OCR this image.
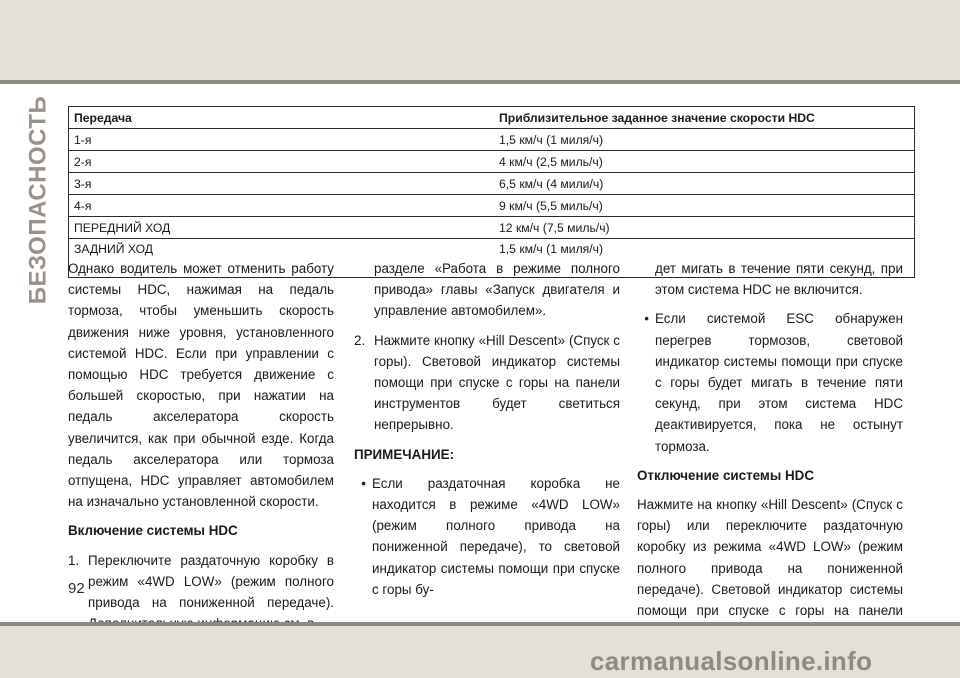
БЕЗОПАСНОСТЬ Передача	Приблизительное заданное значение скорости HDC
1-я	1,5 км/ч (1 миля/ч)
2-я	4 км/ч (2,5 миль/ч)
3-я	6,5 км/ч (4 мили/ч)
4-я	9 км/ч (5,5 миль/ч)
ПЕРЕДНИЙ ХОД	12 км/ч (7,5 миль/ч)
ЗАДНИЙ ХОД	1,5 км/ч (1 миля/ч)

Однако водитель может отменить работу системы HDC, нажимая на педаль тормоза, чтобы уменьшить скорость движения ниже уровня, установленного системой HDC. Если при управлении с помощью HDC требуется движение с большей скоростью, при нажатии на педаль акселератора скорость увеличится, как при обычной езде. Когда педаль акселератора или тормоза отпущена, HDC управляет автомобилем на изначально установленной скорости.

Включение системы HDC

1. Переключите раздаточную коробку в режим «4WD LOW» (режим полного привода на пониженной передаче).

разделе «Работа в режиме полного привода» главы «Запуск двигателя и управление автомобилем».

2. Нажмите кнопку «Hill Descent» (Спуск с горы). Световой индикатор системы помощи при спуске с горы на панели инструментов будет светиться непрерывно.

ПРИМЕЧАНИЕ:

• Если раздаточная коробка не находится в режиме «4WD LOW» (режим полного привода на пониженной передаче), то световой индикатор системы помощи при спуске с горы бу-

дет мигать в течение пяти секунд, при этом система HDC не включится.

• Если системой ESC обнаружен перегрев тормозов, световой индикатор системы помощи при спуске с горы будет мигать в течение пяти секунд, при этом система HDC деактивируется, пока не остынут тормоза.

Отключение системы HDC

Нажмите на кнопку «Hill Descent» (Спуск с горы) или переключите раздаточную коробку из режима «4WD LOW» (режим полного привода на пониженной передаче). Световой индикатор системы помощи при спуске с горы на панели

92
carmanualsonline.info
